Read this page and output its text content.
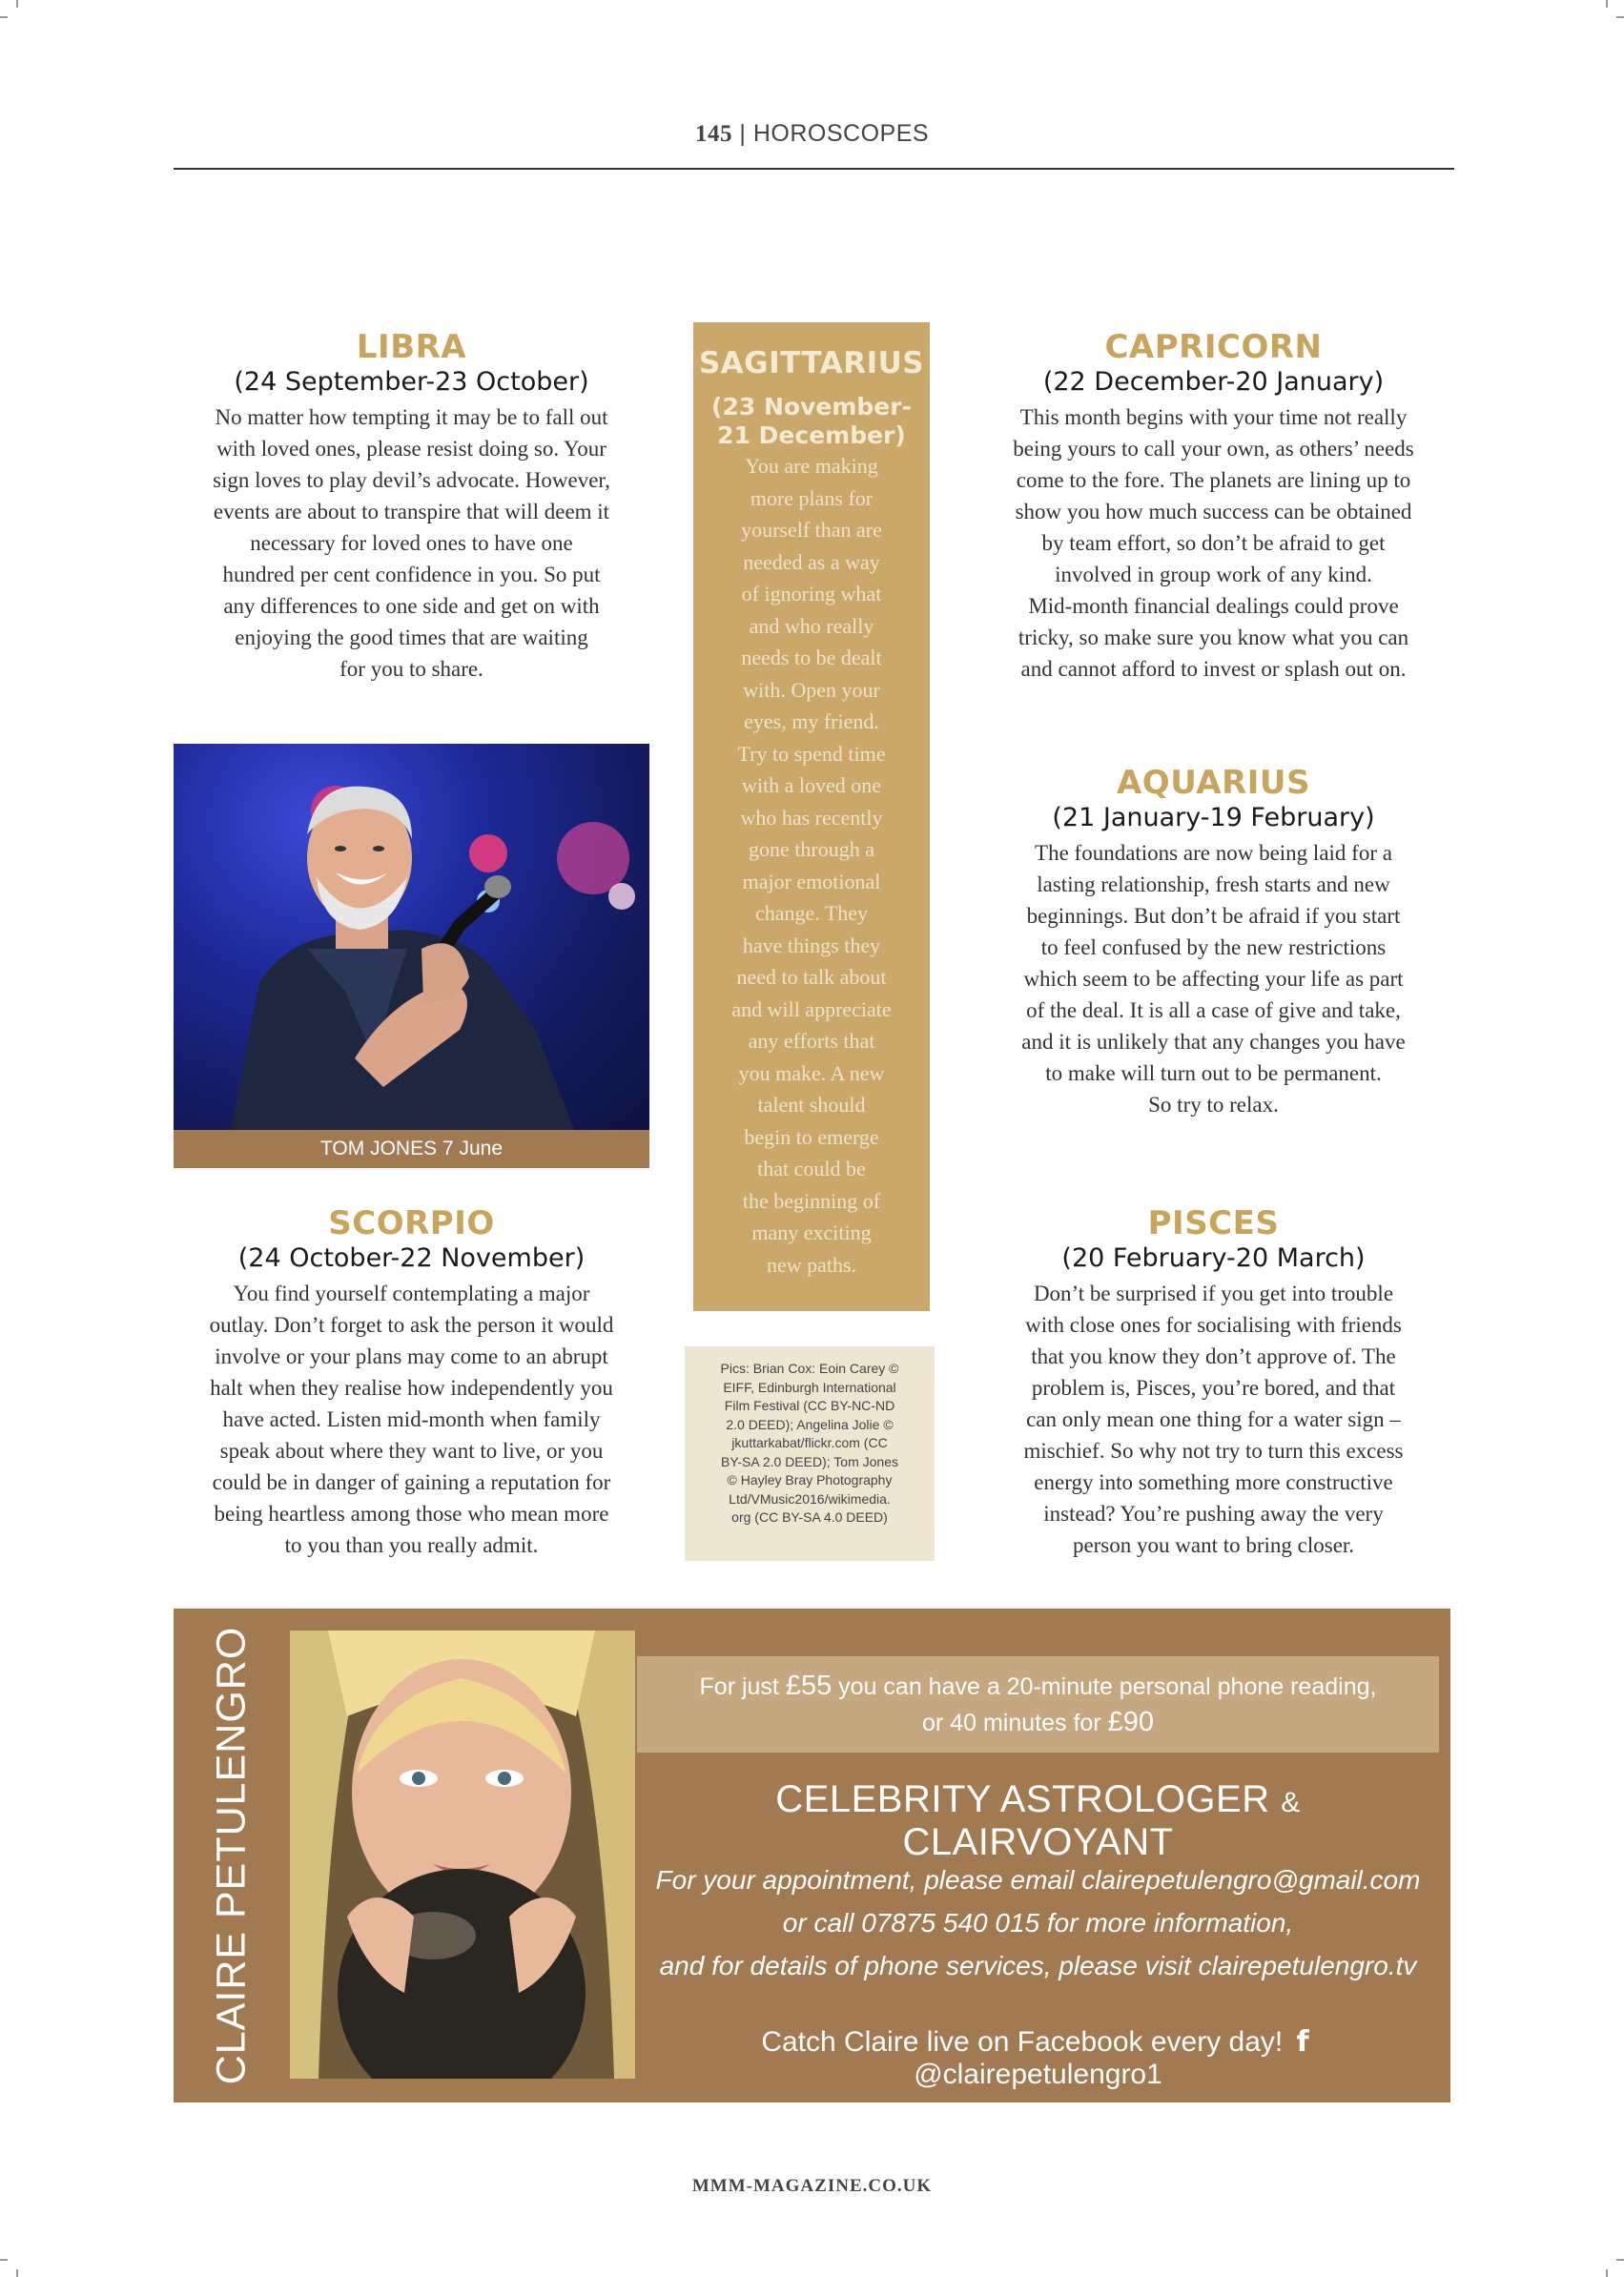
145 | HOROSCOPES
LIBRA
(24 September-23 October)
No matter how tempting it may be to fall out
with loved ones, please resist doing so. Your
sign loves to play devil’s advocate. However,
events are about to transpire that will deem it
necessary for loved ones to have one
hundred per cent confidence in you. So put
any differences to one side and get on with
enjoying the good times that are waiting
for you to share.
TOM JONES 7 June
SCORPIO
(24 October-22 November)
You find yourself contemplating a major
outlay. Don’t forget to ask the person it would
involve or your plans may come to an abrupt
halt when they realise how independently you
have acted. Listen mid-month when family
speak about where they want to live, or you
could be in danger of gaining a reputation for
being heartless among those who mean more
to you than you really admit.
SAGITTARIUS
(23 November-
21 December)
You are making
more plans for
yourself than are
needed as a way
of ignoring what
and who really
needs to be dealt
with. Open your
eyes, my friend.
Try to spend time
with a loved one
who has recently
gone through a
major emotional
change. They
have things they
need to talk about
and will appreciate
any efforts that
you make. A new
talent should
begin to emerge
that could be
the beginning of
many exciting
new paths.
Pics: Brian Cox: Eoin Carey ©
EIFF, Edinburgh International
Film Festival (CC BY-NC-ND
2.0 DEED); Angelina Jolie ©
jkuttarkabat/flickr.com (CC
BY-SA 2.0 DEED); Tom Jones
© Hayley Bray Photography
Ltd/VMusic2016/wikimedia.
org (CC BY-SA 4.0 DEED)
CAPRICORN
(22 December-20 January)
This month begins with your time not really
being yours to call your own, as others’ needs
come to the fore. The planets are lining up to
show you how much success can be obtained
by team effort, so don’t be afraid to get
involved in group work of any kind.
Mid-month financial dealings could prove
tricky, so make sure you know what you can
and cannot afford to invest or splash out on.
AQUARIUS
(21 January-19 February)
The foundations are now being laid for a
lasting relationship, fresh starts and new
beginnings. But don’t be afraid if you start
to feel confused by the new restrictions
which seem to be affecting your life as part
of the deal. It is all a case of give and take,
and it is unlikely that any changes you have
to make will turn out to be permanent.
So try to relax.
PISCES
(20 February-20 March)
Don’t be surprised if you get into trouble
with close ones for socialising with friends
that you know they don’t approve of. The
problem is, Pisces, you’re bored, and that
can only mean one thing for a water sign –
mischief. So why not try to turn this excess
energy into something more constructive
instead? You’re pushing away the very
person you want to bring closer.
CLAIRE PETULENGRO	For just £55 you can have a 20-minute personal phone reading,
or 40 minutes for £90
CELEBRITY ASTROLOGER & CLAIRVOYANT
For your appointment, please email clairepetulengro@gmail.com
or call 07875 540 015 for more information,
and for details of phone services, please visit clairepetulengro.tv
Catch Claire live on Facebook every day! f @clairepetulengro1
MMM-MAGAZINE.CO.UK
